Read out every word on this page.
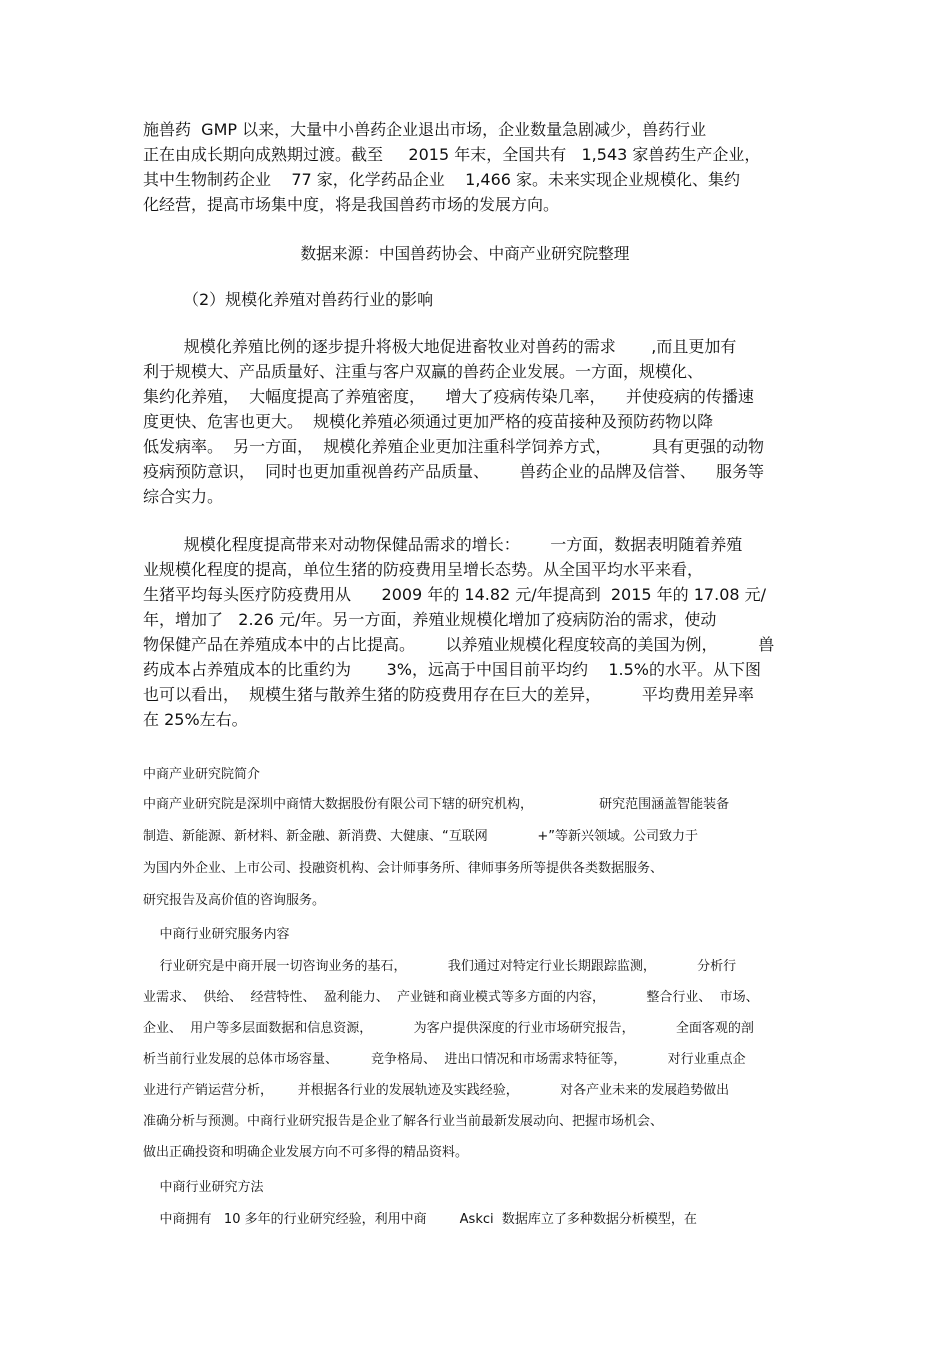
施兽药  GMP 以来，大量中小兽药企业退出市场，企业数量急剧减少，兽药行业

正在由成长期向成熟期过渡。截至     2015 年末，全国共有   1,543 家兽药生产企业，

其中生物制药企业    77 家，化学药品企业    1,466 家。未来实现企业规模化、集约

化经营，提高市场集中度，将是我国兽药市场的发展方向。

数据来源：中国兽药协会、中商产业研究院整理

（2）规模化养殖对兽药行业的影响

规模化养殖比例的逐步提升将极大地促进畜牧业对兽药的需求       ,而且更加有

利于规模大、产品质量好、注重与客户双赢的兽药企业发展。一方面，规模化、

集约化养殖，  大幅度提高了养殖密度，    增大了疫病传染几率，    并使疫病的传播速

度更快、危害也更大。  规模化养殖必须通过更加严格的疫苗接种及预防药物以降

低发病率。  另一方面，  规模化养殖企业更加注重科学饲养方式，        具有更强的动物

疫病预防意识，  同时也更加重视兽药产品质量、      兽药企业的品牌及信誉、    服务等

综合实力。

规模化程度提高带来对动物保健品需求的增长：      一方面，数据表明随着养殖

业规模化程度的提高，单位生猪的防疫费用呈增长态势。从全国平均水平来看，

生猪平均每头医疗防疫费用从      2009 年的 14.82 元/年提高到  2015 年的 17.08 元/

年，增加了   2.26 元/年。另一方面，养殖业规模化增加了疫病防治的需求，使动

物保健产品在养殖成本中的占比提高。      以养殖业规模化程度较高的美国为例，        兽

药成本占养殖成本的比重约为       3%，远高于中国目前平均约    1.5%的水平。从下图

也可以看出，  规模生猪与散养生猪的防疫费用存在巨大的差异，        平均费用差异率

在 25%左右。

中商产业研究院简介

中商产业研究院是深圳中商情大数据股份有限公司下辖的研究机构，                研究范围涵盖智能装备

制造、新能源、新材料、新金融、新消费、大健康、“互联网            +”等新兴领域。公司致力于

为国内外企业、上市公司、投融资机构、会计师事务所、律师事务所等提供各类数据服务、

研究报告及高价值的咨询服务。

中商行业研究服务内容

行业研究是中商开展一切咨询业务的基石，          我们通过对特定行业长期跟踪监测，          分析行

业需求、  供给、  经营特性、  盈利能力、  产业链和商业模式等多方面的内容，          整合行业、  市场、

企业、  用户等多层面数据和信息资源，          为客户提供深度的行业市场研究报告，          全面客观的剖

析当前行业发展的总体市场容量、        竞争格局、  进出口情况和市场需求特征等，          对行业重点企

业进行产销运营分析，      并根据各行业的发展轨迹及实践经验，          对各产业未来的发展趋势做出

准确分析与预测。中商行业研究报告是企业了解各行业当前最新发展动向、把握市场机会、

做出正确投资和明确企业发展方向不可多得的精品资料。

中商行业研究方法

中商拥有   10 多年的行业研究经验，利用中商        Askci  数据库立了多种数据分析模型，在
